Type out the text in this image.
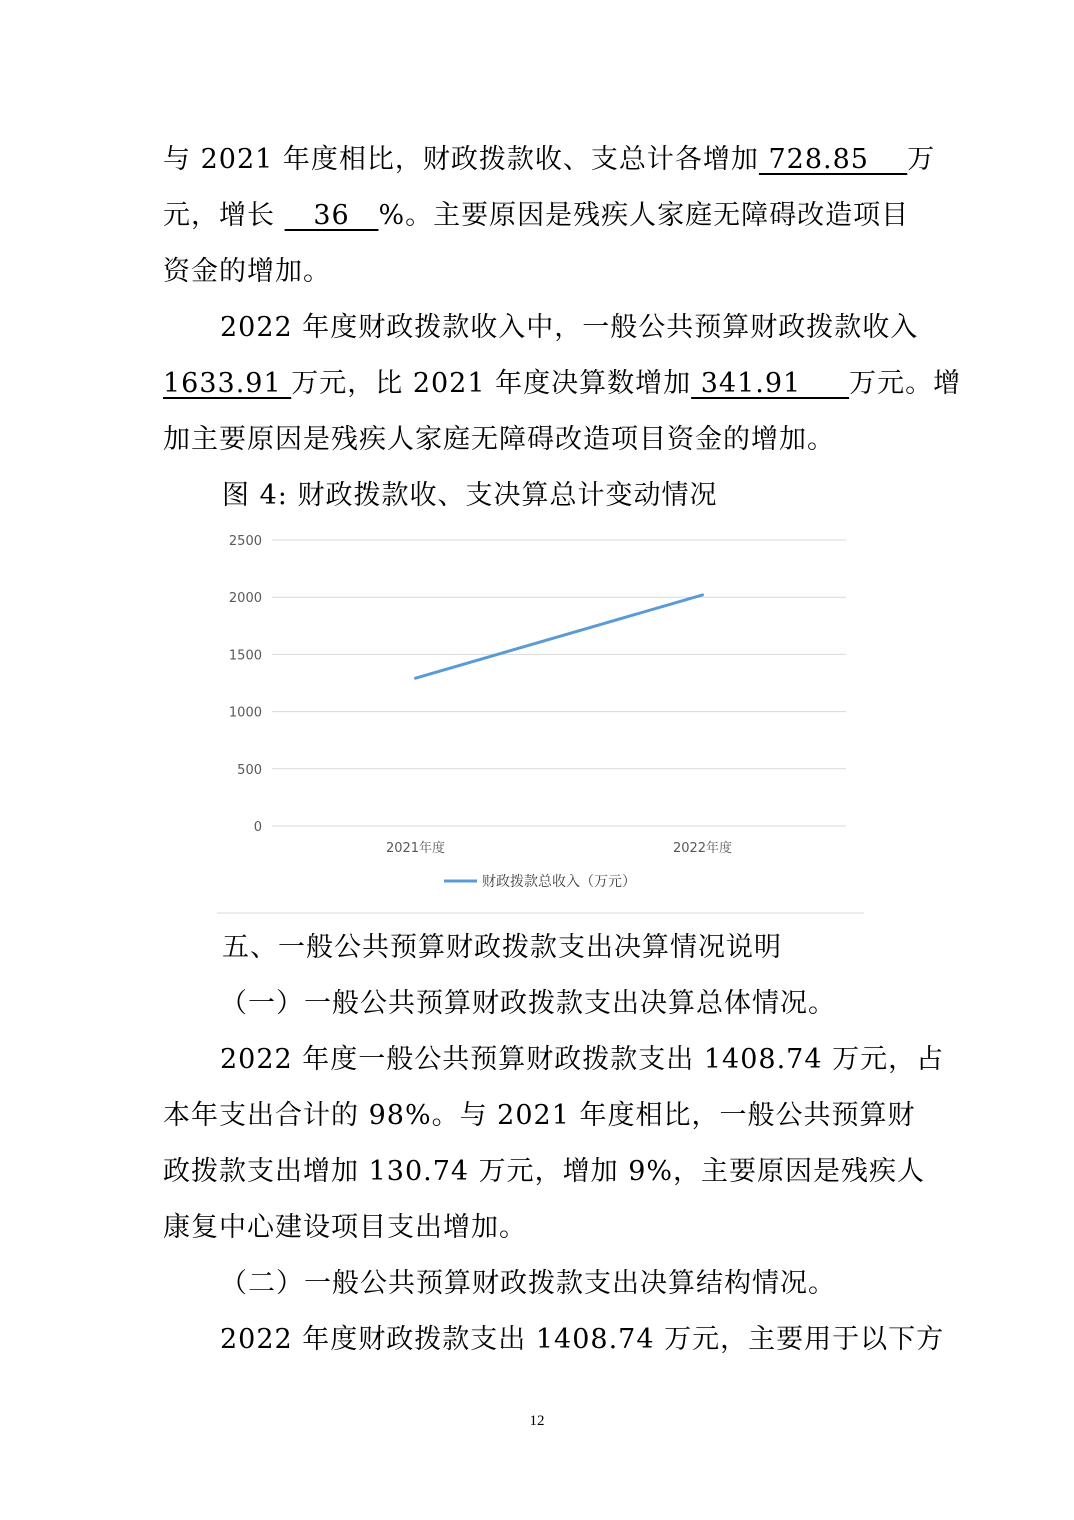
与 2021 年度相比，财政拨款收、支总计各增加 728.85    万
元，增长    36   %。主要原因是残疾人家庭无障碍改造项目
资金的增加。
2022 年度财政拨款收入中，一般公共预算财政拨款收入
1633.91 万元，比 2021 年度决算数增加 341.91     万元。增
加主要原因是残疾人家庭无障碍改造项目资金的增加。
图 4: 财政拨款收、支决算总计变动情况
0
500
1000
1500
2000
2500
2021年度	2022年度
财政拨款总收入（万元）
五、一般公共预算财政拨款支出决算情况说明
（一）一般公共预算财政拨款支出决算总体情况。
2022 年度一般公共预算财政拨款支出 1408.74 万元，占
本年支出合计的 98%。与 2021 年度相比，一般公共预算财
政拨款支出增加 130.74 万元，增加 9%，主要原因是残疾人
康复中心建设项目支出增加。
（二）一般公共预算财政拨款支出决算结构情况。
2022 年度财政拨款支出 1408.74 万元，主要用于以下方
12
